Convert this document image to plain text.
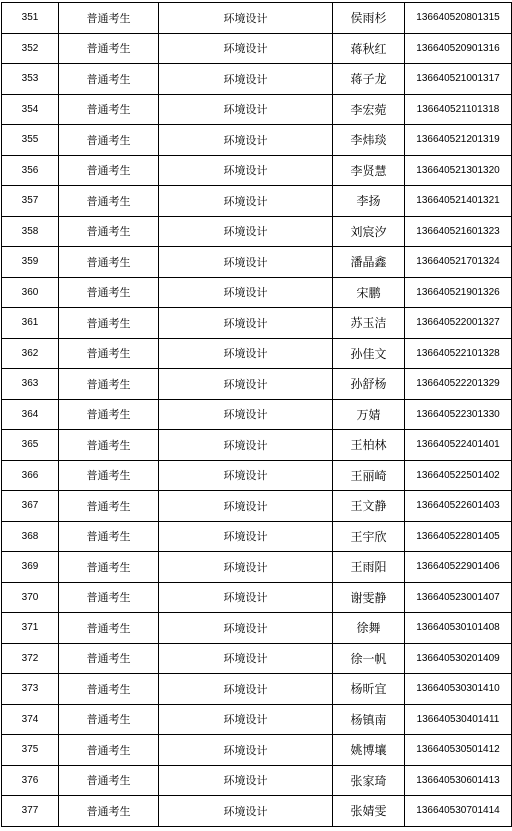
351	普通考生	环境设计	侯雨杉	136640520801315
352	普通考生	环境设计	蒋秋红	136640520901316
353	普通考生	环境设计	蒋子龙	136640521001317
354	普通考生	环境设计	李宏菀	136640521101318
355	普通考生	环境设计	李炜琰	136640521201319
356	普通考生	环境设计	李贤慧	136640521301320
357	普通考生	环境设计	李扬	136640521401321
358	普通考生	环境设计	刘宸汐	136640521601323
359	普通考生	环境设计	潘晶鑫	136640521701324
360	普通考生	环境设计	宋鹏	136640521901326
361	普通考生	环境设计	苏玉洁	136640522001327
362	普通考生	环境设计	孙佳文	136640522101328
363	普通考生	环境设计	孙舒杨	136640522201329
364	普通考生	环境设计	万婧	136640522301330
365	普通考生	环境设计	王柏林	136640522401401
366	普通考生	环境设计	王丽崎	136640522501402
367	普通考生	环境设计	王文静	136640522601403
368	普通考生	环境设计	王宇欣	136640522801405
369	普通考生	环境设计	王雨阳	136640522901406
370	普通考生	环境设计	谢雯静	136640523001407
371	普通考生	环境设计	徐舞	136640530101408
372	普通考生	环境设计	徐一帆	136640530201409
373	普通考生	环境设计	杨昕宜	136640530301410
374	普通考生	环境设计	杨镇南	136640530401411
375	普通考生	环境设计	姚博壤	136640530501412
376	普通考生	环境设计	张家琦	136640530601413
377	普通考生	环境设计	张婧雯	136640530701414
